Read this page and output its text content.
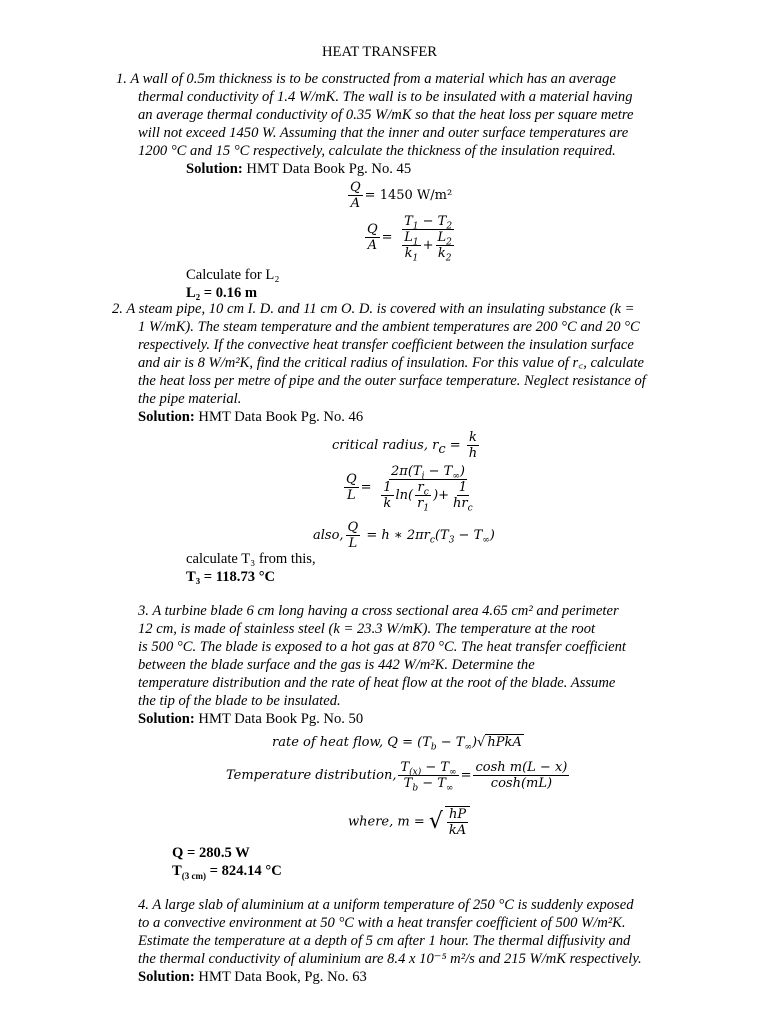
HEAT TRANSFER
1. A wall of 0.5m thickness is to be constructed from a material which has an average
thermal conductivity of 1.4 W/mK. The wall is to be insulated with a material having
an average thermal conductivity of 0.35 W/mK so that the heat loss per square metre
will not exceed 1450 W. Assuming that the inner and outer surface temperatures are
1200 °C and 15 °C respectively, calculate the thickness of the insulation required.
Solution: HMT Data Book Pg. No. 45
$\frac{Q}{A} = 1450$ W/m²
$\frac{Q}{A} = \frac{T_1 - T_2}{\frac{L_1}{k_1} + \frac{L_2}{k_2}}$
Calculate for L₂
L₂ = 0.16 m
2. A steam pipe, 10 cm I. D. and 11 cm O. D. is covered with an insulating substance (k =
1 W/mK). The steam temperature and the ambient temperatures are 200 °C and 20 °C
respectively. If the convective heat transfer coefficient between the insulation surface
and air is 8 W/m²K, find the critical radius of insulation. For this value of r꜀, calculate
the heat loss per metre of pipe and the outer surface temperature. Neglect resistance of
the pipe material.
Solution: HMT Data Book Pg. No. 46
critical radius, $r_c = \frac{k}{h}$
$\frac{Q}{L} = \frac{2\pi(T_i - T_\infty)}{\frac{1}{k} \ln( \frac{r_c}{r_1} )+ \frac{1}{hr_c}}$
also, $\frac{Q}{L} = h$ ∗ $2\pi r_c(T_3 - T_\infty)$
calculate T₃ from this,
T₃ = 118.73 °C
3. A turbine blade 6 cm long having a cross sectional area 4.65 cm² and perimeter
12 cm, is made of stainless steel (k = 23.3 W/mK). The temperature at the root
is 500 °C. The blade is exposed to a hot gas at 870 °C. The heat transfer coefficient
between the blade surface and the gas is 442 W/m²K. Determine the
temperature distribution and the rate of heat flow at the root of the blade. Assume
the tip of the blade to be insulated.
Solution: HMT Data Book Pg. No. 50
rate of heat flow, $Q = (T_b - T_\infty)√$ hPkA
Temperature distribution, $\frac{T_{(x)} - T_\infty}{T_b - T_\infty} = \frac{\text{cosh m(L − x)}}{\cosh(mL)}$
where, m = √ $\frac{hP}{kA}$
Q = 280.5 W
$T_{(3 cm)} = 824.14$ °C
4. A large slab of aluminium at a uniform temperature of 250 °C is suddenly exposed
to a convective environment at 50 °C with a heat transfer coefficient of 500 W/m²K.
Estimate the temperature at a depth of 5 cm after 1 hour. The thermal diffusivity and
the thermal conductivity of aluminium are 8.4 x 10⁻⁵ m²/s and 215 W/mK respectively.
Solution: HMT Data Book, Pg. No. 63
